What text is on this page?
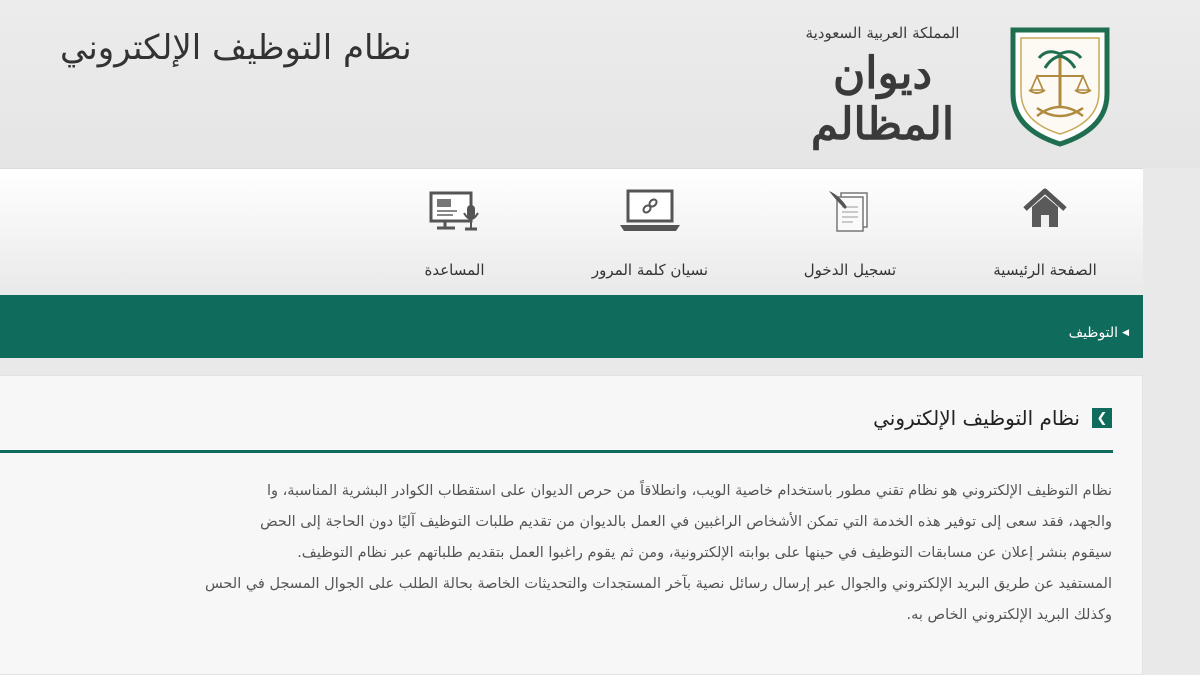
نظام التوظيف الإلكتروني	المملكة العربية السعودية
ديوان المظالم
الصفحة الرئيسية
تسجيل الدخول
نسيان كلمة المرور
المساعدة
◀
التوظيف
❯
نظام التوظيف الإلكتروني

نظام التوظيف الإلكتروني هو نظام تقني مطور باستخدام خاصية الويب، وانطلاقاً من حرص الديوان على استقطاب الكوادر البشرية المناسبة، وا

والجهد، فقد سعى إلى توفير هذه الخدمة التي تمكن الأشخاص الراغبين في العمل بالديوان من تقديم طلبات التوظيف آليًا دون الحاجة إلى الحض

سيقوم بنشر إعلان عن مسابقات التوظيف في حينها على بوابته الإلكترونية، ومن ثم يقوم راغبوا العمل بتقديم طلباتهم عبر نظام التوظيف.

المستفيد عن طريق البريد الإلكتروني والجوال عبر إرسال رسائل نصية بآخر المستجدات والتحديثات الخاصة بحالة الطلب على الجوال المسجل في الحس

وكذلك البريد الإلكتروني الخاص به.
